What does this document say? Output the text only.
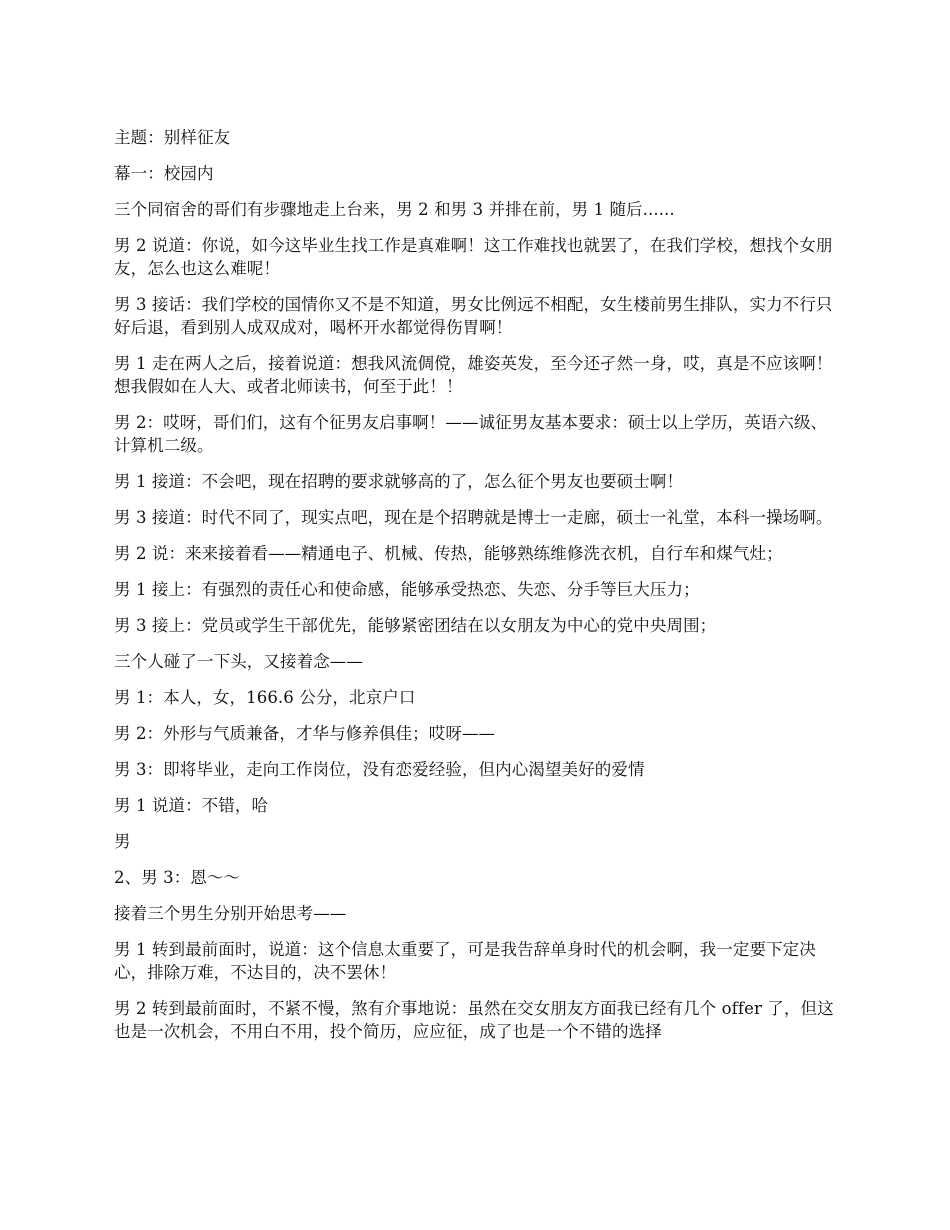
主题：别样征友

幕一：校园内

三个同宿舍的哥们有步骤地走上台来，男 2 和男 3 并排在前，男 1 随后......

男 2 说道：你说，如今这毕业生找工作是真难啊！这工作难找也就罢了，在我们学校，想找个女朋友，怎么也这么难呢！

男 3 接话：我们学校的国情你又不是不知道，男女比例远不相配，女生楼前男生排队，实力不行只好后退，看到别人成双成对，喝杯开水都觉得伤胃啊！

男 1 走在两人之后，接着说道：想我风流倜傥，雄姿英发，至今还孑然一身，哎，真是不应该啊！想我假如在人大、或者北师读书，何至于此！！

男 2：哎呀，哥们们，这有个征男友启事啊！——诚征男友基本要求：硕士以上学历，英语六级、计算机二级。

男 1 接道：不会吧，现在招聘的要求就够高的了，怎么征个男友也要硕士啊！

男 3 接道：时代不同了，现实点吧，现在是个招聘就是博士一走廊，硕士一礼堂，本科一操场啊。

男 2 说：来来接着看——精通电子、机械、传热，能够熟练维修洗衣机，自行车和煤气灶；

男 1 接上：有强烈的责任心和使命感，能够承受热恋、失恋、分手等巨大压力；

男 3 接上：党员或学生干部优先，能够紧密团结在以女朋友为中心的党中央周围；

三个人碰了一下头，又接着念——

男 1：本人，女，166.6 公分，北京户口

男 2：外形与气质兼备，才华与修养俱佳；哎呀——

男 3：即将毕业，走向工作岗位，没有恋爱经验，但内心渴望美好的爱情

男 1 说道：不错，哈

男

2、男 3：恩～～

接着三个男生分别开始思考——

男 1 转到最前面时，说道：这个信息太重要了，可是我告辞单身时代的机会啊，我一定要下定决心，排除万难，不达目的，决不罢休！

男 2 转到最前面时，不紧不慢，煞有介事地说：虽然在交女朋友方面我已经有几个 offer 了，但这也是一次机会，不用白不用，投个简历，应应征，成了也是一个不错的选择
